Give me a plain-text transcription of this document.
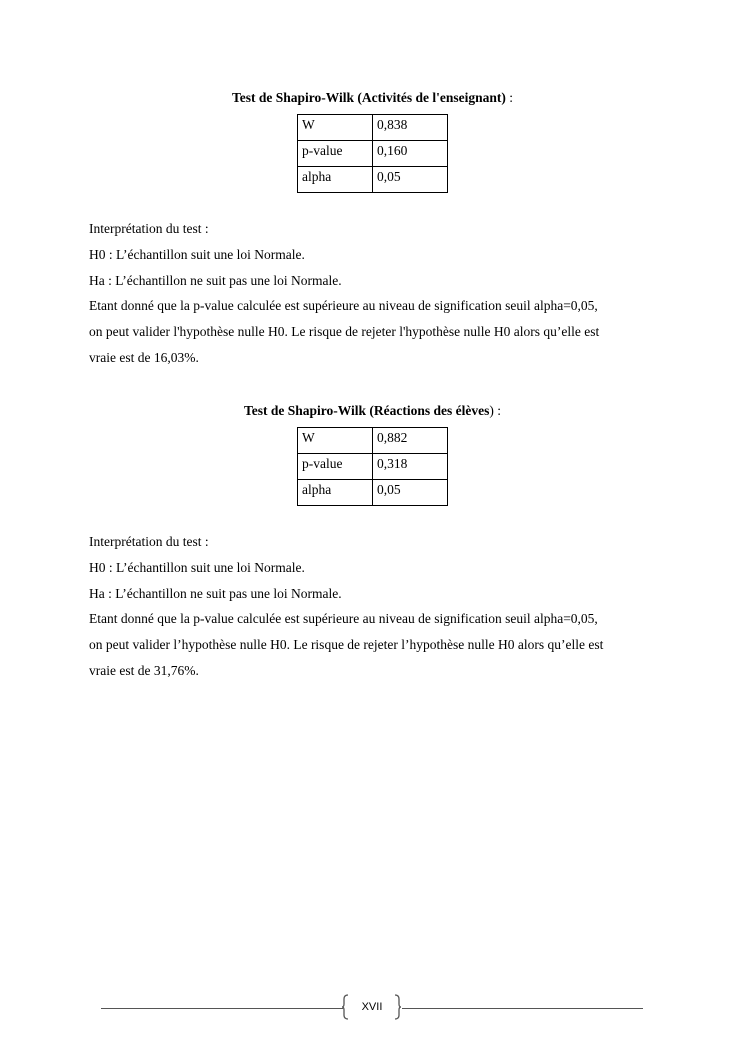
Test de Shapiro-Wilk (Activités de l'enseignant) :
W	0,838
p-value	0,160
alpha	0,05

Interprétation du test :

H0 : L’échantillon suit une loi Normale.

Ha : L’échantillon ne suit pas une loi Normale.

Etant donné que la p-value calculée est supérieure au niveau de signification seuil alpha=0,05,

on peut valider l'hypothèse nulle H0. Le risque de rejeter l'hypothèse nulle H0 alors qu’elle est

vraie est de 16,03%.

Test de Shapiro-Wilk (Réactions des élèves) :
W	0,882
p-value	0,318
alpha	0,05

Interprétation du test :

H0 : L’échantillon suit une loi Normale.

Ha : L’échantillon ne suit pas une loi Normale.

Etant donné que la p-value calculée est supérieure au niveau de signification seuil alpha=0,05,

on peut valider l’hypothèse nulle H0. Le risque de rejeter l’hypothèse nulle H0 alors qu’elle est

vraie est de 31,76%.

XVII
